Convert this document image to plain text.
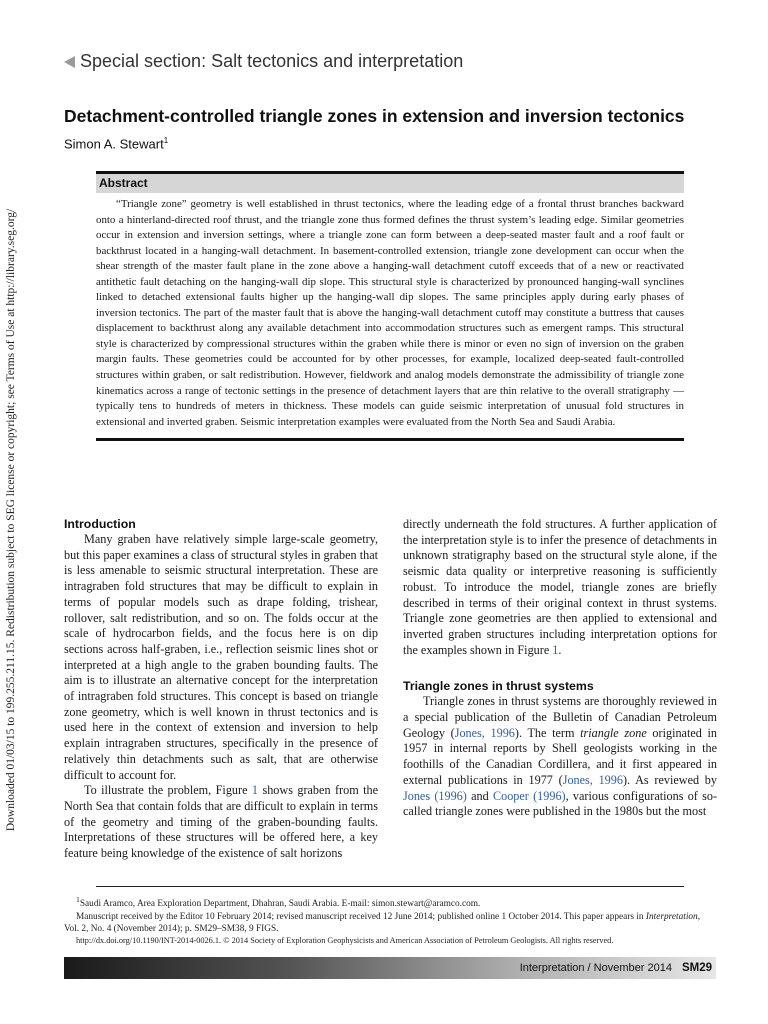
Downloaded 01/03/15 to 199.255.211.15. Redistribution subject to SEG license or copyright; see Terms of Use at http://library.seg.org/
Special section: Salt tectonics and interpretation
Detachment-controlled triangle zones in extension and inversion tectonics
Simon A. Stewart$^1$
Abstract

“Triangle zone” geometry is well established in thrust tectonics, where the leading edge of a frontal thrust branches backward onto a hinterland-directed roof thrust, and the triangle zone thus formed defines the thrust system’s leading edge. Similar geometries occur in extension and inversion settings, where a triangle zone can form between a deep-seated master fault and a roof fault or backthrust located in a hanging-wall detachment. In basement-controlled extension, triangle zone development can occur when the shear strength of the master fault plane in the zone above a hanging-wall detachment cutoff exceeds that of a new or reactivated antithetic fault detaching on the hanging-wall dip slope. This structural style is characterized by pronounced hanging-wall synclines linked to detached extensional faults higher up the hanging-wall dip slopes. The same principles apply during early phases of inversion tectonics. The part of the master fault that is above the hanging-wall detachment cutoff may constitute a buttress that causes displacement to backthrust along any available detachment into accommodation structures such as emergent ramps. This structural style is characterized by compressional structures within the graben while there is minor or even no sign of inversion on the graben margin faults. These geometries could be accounted for by other processes, for example, localized deep-seated fault-controlled structures within graben, or salt redistribution. However, fieldwork and analog models demonstrate the admissibility of triangle zone kinematics across a range of tectonic settings in the presence of detachment layers that are thin relative to the overall stratigraphy — typically tens to hundreds of meters in thickness. These models can guide seismic interpretation of unusual fold structures in extensional and inverted graben. Seismic interpretation examples were evaluated from the North Sea and Saudi Arabia.

Introduction

Many graben have relatively simple large-scale geometry, but this paper examines a class of structural styles in graben that is less amenable to seismic structural interpretation. These are intragraben fold structures that may be difficult to explain in terms of popular models such as drape folding, trishear, rollover, salt redistribution, and so on. The folds occur at the scale of hydrocarbon fields, and the focus here is on dip sections across half-graben, i.e., reflection seismic lines shot or interpreted at a high angle to the graben bounding faults. The aim is to illustrate an alternative concept for the interpretation of intragraben fold structures. This concept is based on triangle zone geometry, which is well known in thrust tectonics and is used here in the context of extension and inversion to help explain intragraben structures, specifically in the presence of relatively thin detachments such as salt, that are otherwise difficult to account for.

To illustrate the problem, Figure 1 shows graben from the North Sea that contain folds that are difficult to explain in terms of the geometry and timing of the graben-bounding faults. Interpretations of these structures will be offered here, a key feature being knowledge of the existence of salt horizons

directly underneath the fold structures. A further application of the interpretation style is to infer the presence of detachments in unknown stratigraphy based on the structural style alone, if the seismic data quality or interpretive reasoning is sufficiently robust. To introduce the model, triangle zones are briefly described in terms of their original context in thrust systems. Triangle zone geometries are then applied to extensional and inverted graben structures including interpretation options for the examples shown in Figure 1.

Triangle zones in thrust systems

Triangle zones in thrust systems are thoroughly reviewed in a special publication of the Bulletin of Canadian Petroleum Geology (Jones, 1996). The term triangle zone originated in 1957 in internal reports by Shell geologists working in the foothills of the Canadian Cordillera, and it first appeared in external publications in 1977 (Jones, 1996). As reviewed by Jones (1996) and Cooper (1996), various configurations of so-called triangle zones were published in the 1980s but the most

$^1$Saudi Aramco, Area Exploration Department, Dhahran, Saudi Arabia. E-mail: simon.stewart@aramco.com.

Manuscript received by the Editor 10 February 2014; revised manuscript received 12 June 2014; published online 1 October 2014. This paper appears in Interpretation, Vol. 2, No. 4 (November 2014); p. SM29–SM38, 9 FIGS.

http://dx.doi.org/10.1190/INT-2014-0026.1. © 2014 Society of Exploration Geophysicists and American Association of Petroleum Geologists. All rights reserved.

Interpretation / November 2014 SM29
